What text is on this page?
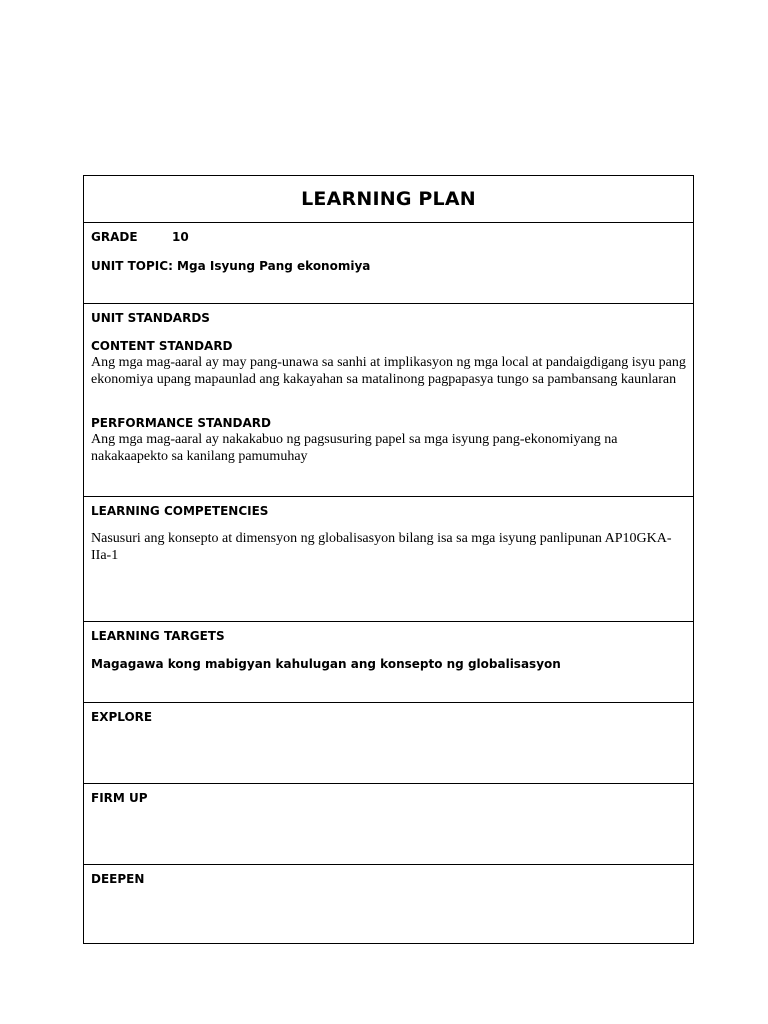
LEARNING PLAN
GRADE	10
UNIT TOPIC: Mga Isyung Pang ekonomiya
UNIT STANDARDS
CONTENT STANDARD
Ang mga mag-aaral ay may pang-unawa sa sanhi at implikasyon ng mga local at pandaigdigang isyu pang ekonomiya upang mapaunlad ang kakayahan sa matalinong pagpapasya tungo sa pambansang kaunlaran
PERFORMANCE STANDARD
Ang mga mag-aaral ay nakakabuo ng pagsusuring papel sa mga isyung pang-ekonomiyang na nakakaapekto sa kanilang pamumuhay
LEARNING COMPETENCIES
Nasusuri ang konsepto at dimensyon ng globalisasyon bilang isa sa mga isyung panlipunan AP10GKA-IIa-1
LEARNING TARGETS
Magagawa kong mabigyan kahulugan ang konsepto ng globalisasyon
EXPLORE
FIRM UP
DEEPEN
